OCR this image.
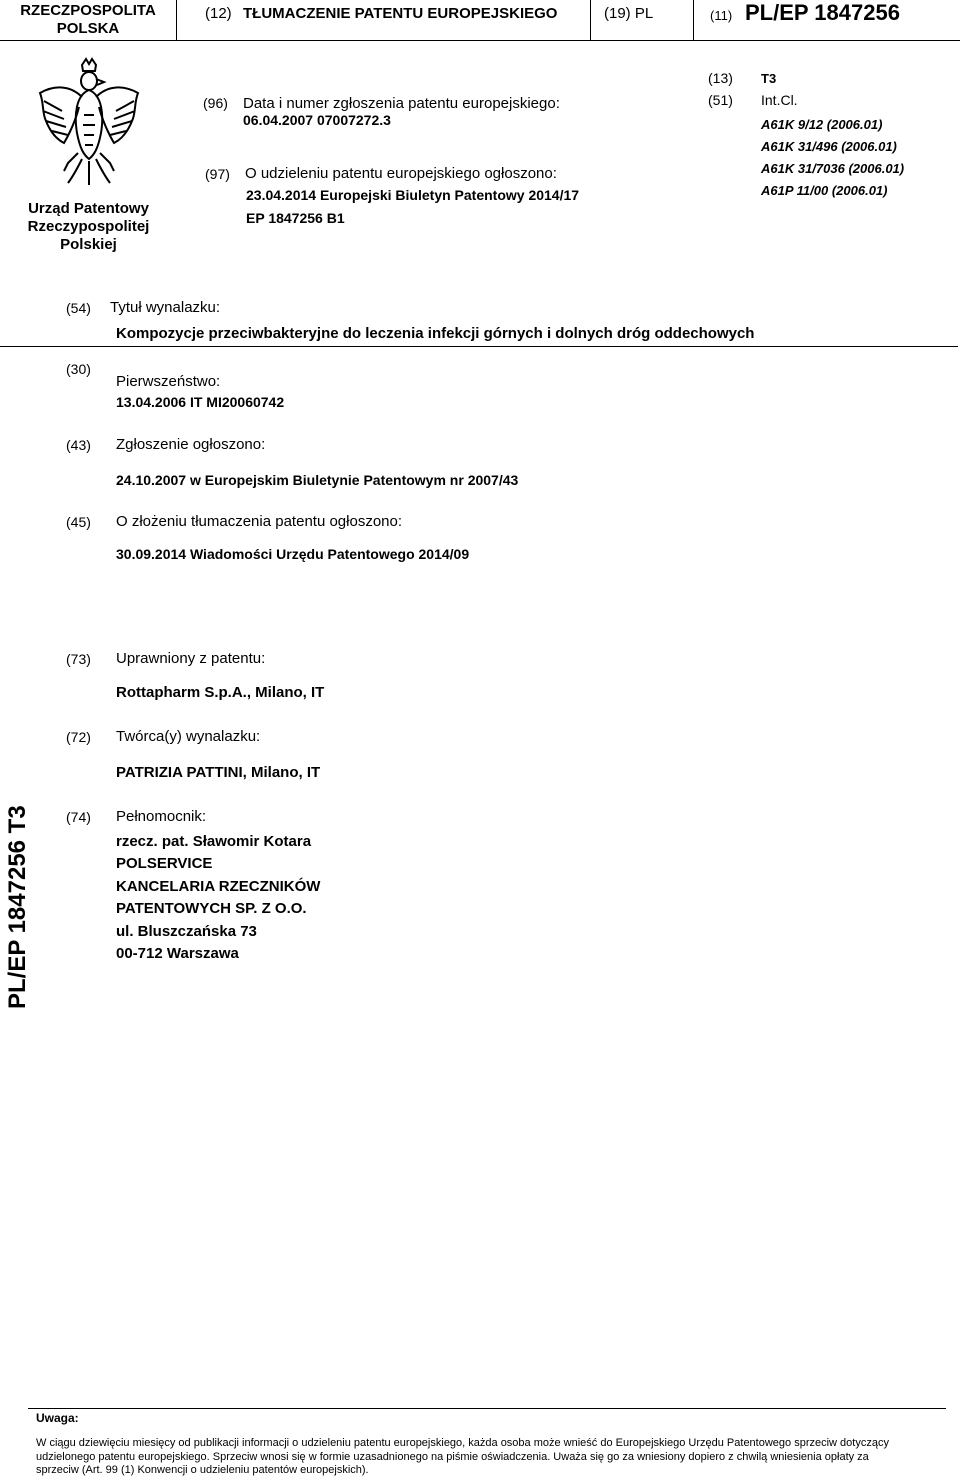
RZECZPOSPOLITA POLSKA
(12) TŁUMACZENIE PATENTU EUROPEJSKIEGO	(19) PL	(11) PL/EP 1847256
Urząd Patentowy
Rzeczypospolitej
Polskiej
(96) Data i numer zgłoszenia patentu europejskiego:
06.04.2007 07007272.3
(97) O udzieleniu patentu europejskiego ogłoszono:
23.04.2014 Europejski Biuletyn Patentowy 2014/17
EP 1847256 B1
(13) T3
(51) Int.Cl.
A61K 9/12 (2006.01)
A61K 31/496 (2006.01)
A61K 31/7036 (2006.01)
A61P 11/00 (2006.01)
(54) Tytuł wynalazku:
Kompozycje przeciwbakteryjne do leczenia infekcji górnych i dolnych dróg oddechowych
(30)
Pierwszeństwo:
13.04.2006 IT MI20060742
(43) Zgłoszenie ogłoszono:
24.10.2007 w Europejskim Biuletynie Patentowym nr 2007/43
(45) O złożeniu tłumaczenia patentu ogłoszono:
30.09.2014 Wiadomości Urzędu Patentowego 2014/09
(73) Uprawniony z patentu:
Rottapharm S.p.A., Milano, IT
(72) Twórca(y) wynalazku:
PATRIZIA PATTINI, Milano, IT
(74) Pełnomocnik:
rzecz. pat. Sławomir Kotara
POLSERVICE
KANCELARIA RZECZNIKÓW
PATENTOWYCH SP. Z O.O.
ul. Bluszczańska 73
00-712 Warszawa
PL/EP 1847256 T3
Uwaga:
W ciągu dziewięciu miesięcy od publikacji informacji o udzieleniu patentu europejskiego, każda osoba może wnieść do Europejskiego Urzędu Patentowego sprzeciw dotyczący
udzielonego patentu europejskiego. Sprzeciw wnosi się w formie uzasadnionego na piśmie oświadczenia. Uważa się go za wniesiony dopiero z chwilą wniesienia opłaty za
sprzeciw (Art. 99 (1) Konwencji o udzieleniu patentów europejskich).
